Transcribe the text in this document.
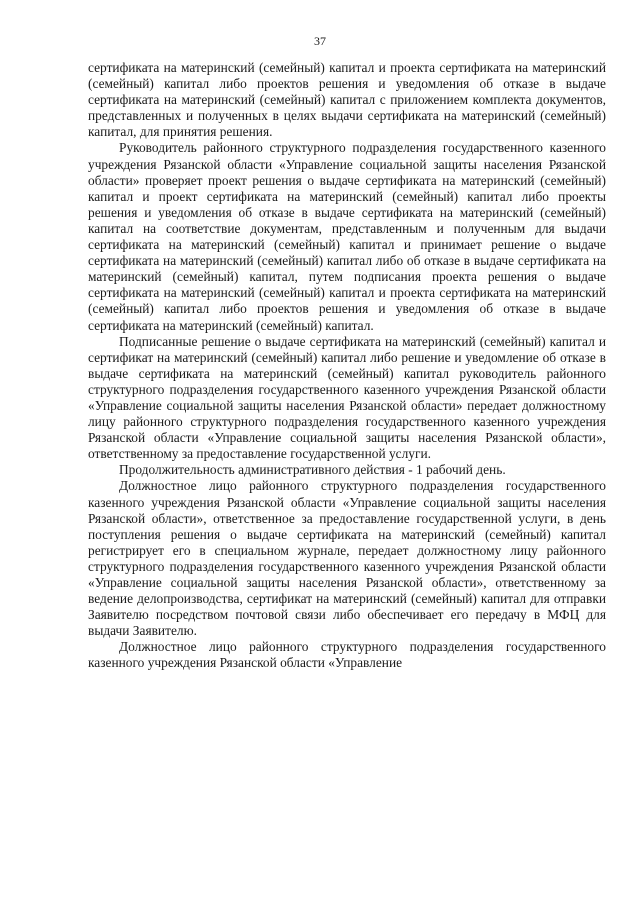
37

сертификата на материнский (семейный) капитал и проекта сертификата на материнский (семейный) капитал либо проектов решения и уведомления об отказе в выдаче сертификата на материнский (семейный) капитал с приложением комплекта документов, представленных и полученных в целях выдачи сертификата на материнский (семейный) капитал, для принятия решения.

Руководитель районного структурного подразделения государственного казенного учреждения Рязанской области «Управление социальной защиты населения Рязанской области» проверяет проект решения о выдаче сертификата на материнский (семейный) капитал и проект сертификата на материнский (семейный) капитал либо проекты решения и уведомления об отказе в выдаче сертификата на материнский (семейный) капитал на соответствие документам, представленным и полученным для выдачи сертификата на материнский (семейный) капитал и принимает решение о выдаче сертификата на материнский (семейный) капитал либо об отказе в выдаче сертификата на материнский (семейный) капитал, путем подписания проекта решения о выдаче сертификата на материнский (семейный) капитал и проекта сертификата на материнский (семейный) капитал либо проектов решения и уведомления об отказе в выдаче сертификата на материнский (семейный) капитал.

Подписанные решение о выдаче сертификата на материнский (семейный) капитал и сертификат на материнский (семейный) капитал либо решение и уведомление об отказе в выдаче сертификата на материнский (семейный) капитал руководитель районного структурного подразделения государственного казенного учреждения Рязанской области «Управление социальной защиты населения Рязанской области» передает должностному лицу районного структурного подразделения государственного казенного учреждения Рязанской области «Управление социальной защиты населения Рязанской области», ответственному за предоставление государственной услуги.

Продолжительность административного действия - 1 рабочий день.

Должностное лицо районного структурного подразделения государственного казенного учреждения Рязанской области «Управление социальной защиты населения Рязанской области», ответственное за предоставление государственной услуги, в день поступления решения о выдаче сертификата на материнский (семейный) капитал регистрирует его в специальном журнале, передает должностному лицу районного структурного подразделения государственного казенного учреждения Рязанской области «Управление социальной защиты населения Рязанской области», ответственному за ведение делопроизводства, сертификат на материнский (семейный) капитал для отправки Заявителю посредством почтовой связи либо обеспечивает его передачу в МФЦ для выдачи Заявителю.

Должностное лицо районного структурного подразделения государственного казенного учреждения Рязанской области «Управление
